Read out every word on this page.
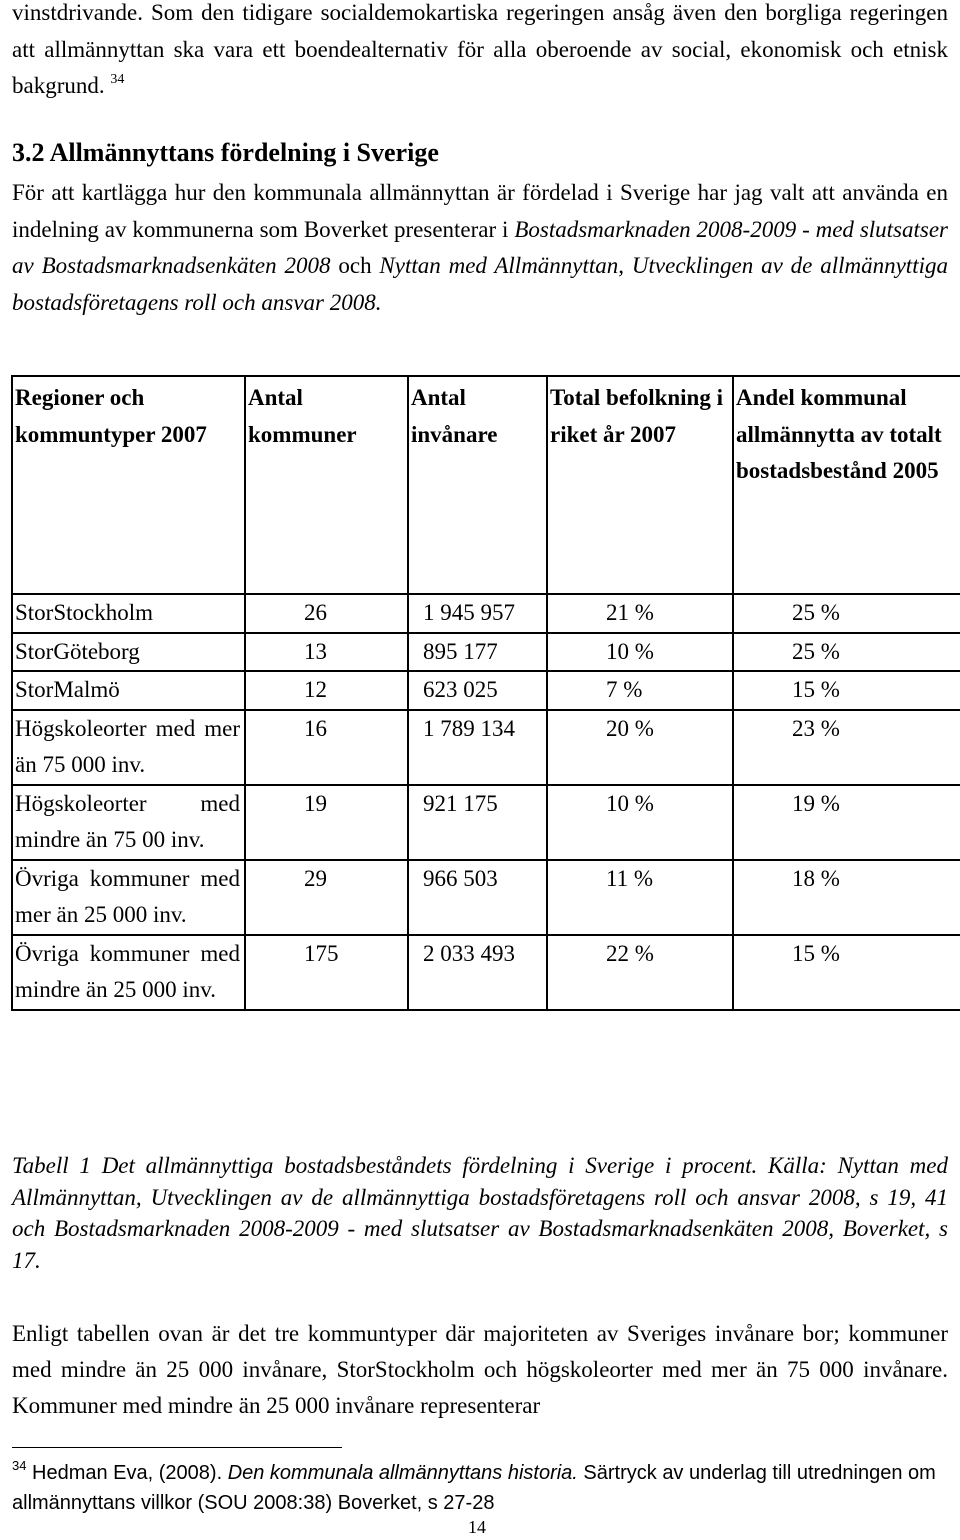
vinstdrivande. Som den tidigare socialdemokartiska regeringen ansåg även den borgliga regeringen att allmännyttan ska vara ett boendealternativ för alla oberoende av social, ekonomisk och etnisk bakgrund. $^{34}$

3.2 Allmännyttans fördelning i Sverige

För att kartlägga hur den kommunala allmännyttan är fördelad i Sverige har jag valt att använda en indelning av kommunerna som Boverket presenterar i Bostadsmarknaden 2008-2009 - med slutsatser av Bostadsmarknadsenkäten 2008 och Nyttan med Allmännyttan, Utvecklingen av de allmännyttiga bostadsföretagens roll och ansvar 2008.

Regioner och kommuntyper 2007	Antal kommuner	Antal invånare	Total befolkning i riket år 2007	Andel kommunal allmännytta av totalt bostadsbestånd 2005
StorStockholm	26	1 945 957	21 %	25 %
StorGöteborg	13	895 177	10 %	25 %
StorMalmö	12	623 025	7 %	15 %
Högskoleorter med mer än 75 000 inv.	16	1 789 134	20 %	23 %
Högskoleorter med mindre än 75 00 inv.	19	921 175	10 %	19 %
Övriga kommuner med mer än 25 000 inv.	29	966 503	11 %	18 %
Övriga kommuner med mindre än 25 000 inv.	175	2 033 493	22 %	15 %

Tabell 1 Det allmännyttiga bostadsbeståndets fördelning i Sverige i procent. Källa: Nyttan med Allmännyttan, Utvecklingen av de allmännyttiga bostadsföretagens roll och ansvar 2008, s 19, 41 och Bostadsmarknaden 2008-2009 - med slutsatser av Bostadsmarknadsenkäten 2008, Boverket, s 17.

Enligt tabellen ovan är det tre kommuntyper där majoriteten av Sveriges invånare bor; kommuner med mindre än 25 000 invånare, StorStockholm och högskoleorter med mer än 75 000 invånare. Kommuner med mindre än 25 000 invånare representerar

$^{34}$ Hedman Eva, (2008). Den kommunala allmännyttans historia. Särtryck av underlag till utredningen om allmännyttans villkor (SOU 2008:38) Boverket, s 27-28

14
